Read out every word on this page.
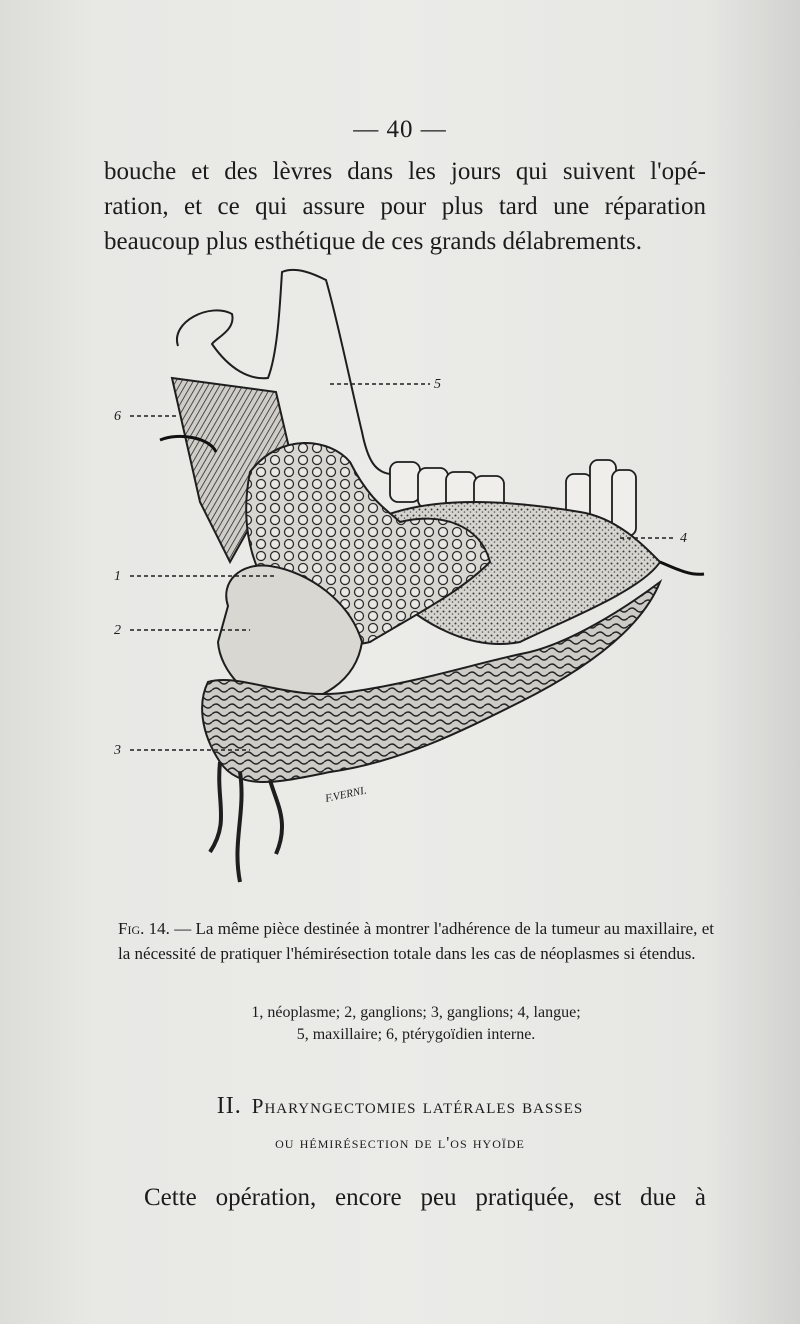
— 40 —
bouche et des lèvres dans les jours qui suivent l'opé-
ration, et ce qui assure pour plus tard une réparation
beaucoup plus esthétique de ces grands délabrements.
6
5
4
1
2
3
F.VERNI.
Fig. 14. — La même pièce destinée à montrer l'adhérence de la tumeur au maxillaire, et la nécessité de pratiquer l'hémirésection totale dans les cas de néoplasmes si étendus.
1, néoplasme; 2, ganglions; 3, ganglions; 4, langue;
5, maxillaire; 6, ptérygoïdien interne.
II. Pharyngectomies latérales basses
ou hémirésection de l'os hyoïde
Cette opération, encore peu pratiquée, est due à
